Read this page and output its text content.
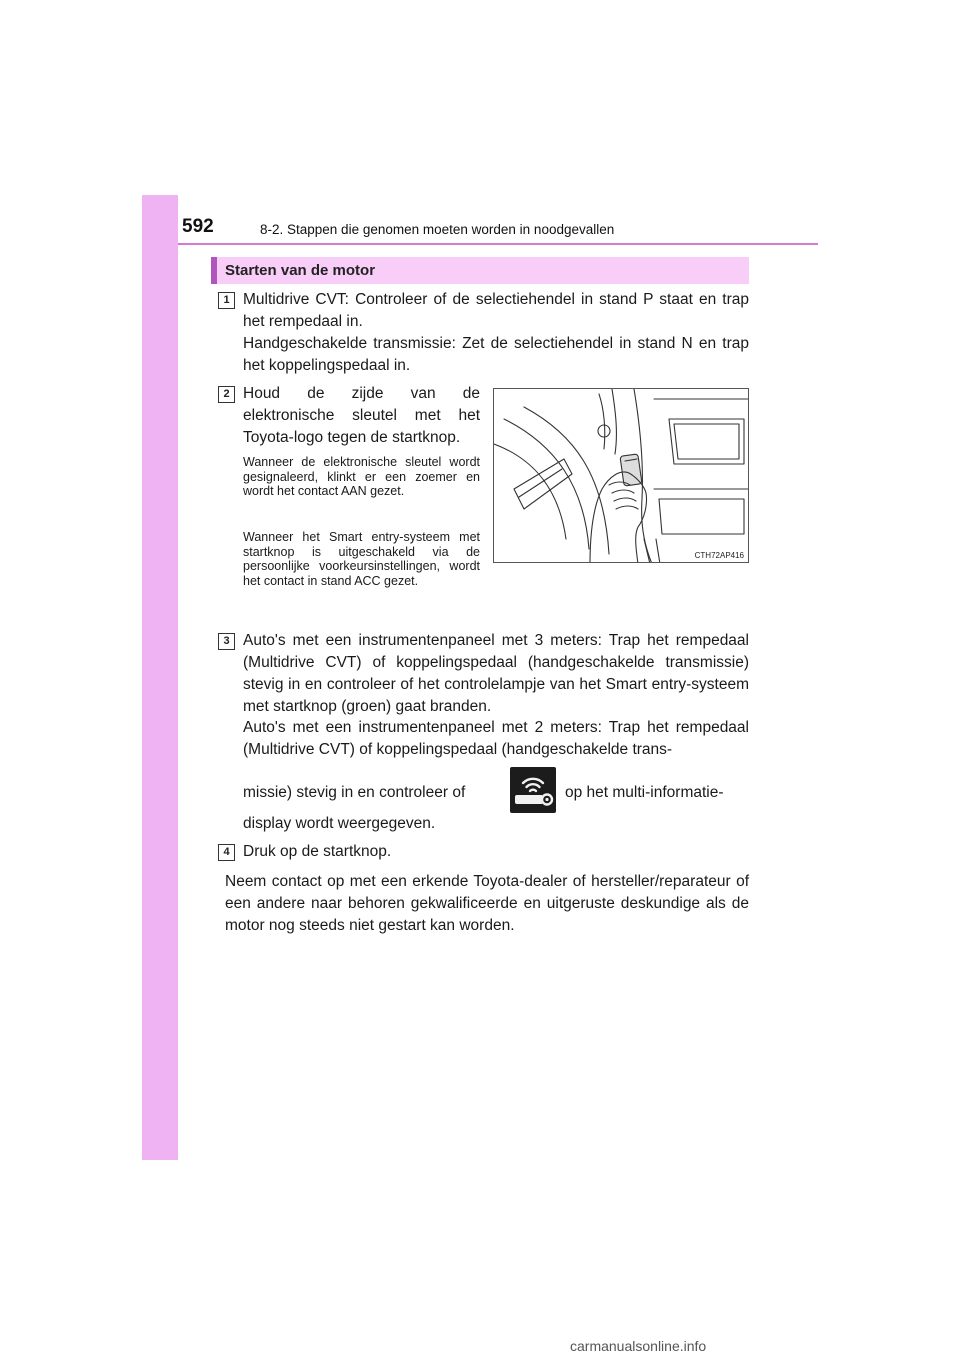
592	8-2. Stappen die genomen moeten worden in noodgevallen
Starten van de motor
1 Multidrive CVT: Controleer of de selectiehendel in stand P staat en trap het rempedaal in.
Handgeschakelde transmissie: Zet de selectiehendel in stand N en trap het koppelingspedaal in.
2 Houd de zijde van de elektronische sleutel met het Toyota-logo tegen de startknop.
Wanneer de elektronische sleutel wordt gesignaleerd, klinkt er een zoemer en wordt het contact AAN gezet.
Wanneer het Smart entry-systeem met startknop is uitgeschakeld via de persoonlijke voorkeursinstellingen, wordt het contact in stand ACC gezet.
CTH72AP416
3 Auto's met een instrumentenpaneel met 3 meters: Trap het rempedaal (Multidrive CVT) of koppelingspedaal (handgeschakelde transmissie) stevig in en controleer of het controlelampje van het Smart entry-systeem met startknop (groen) gaat branden.
Auto's met een instrumentenpaneel met 2 meters: Trap het rempedaal (Multidrive CVT) of koppelingspedaal (handgeschakelde trans-
missie) stevig in en controleer of	op het multi-informatie-
display wordt weergegeven.
4 Druk op de startknop.
Neem contact op met een erkende Toyota-dealer of hersteller/reparateur of een andere naar behoren gekwalificeerde en uitgeruste deskundige als de motor nog steeds niet gestart kan worden.
carmanualsonline.info
